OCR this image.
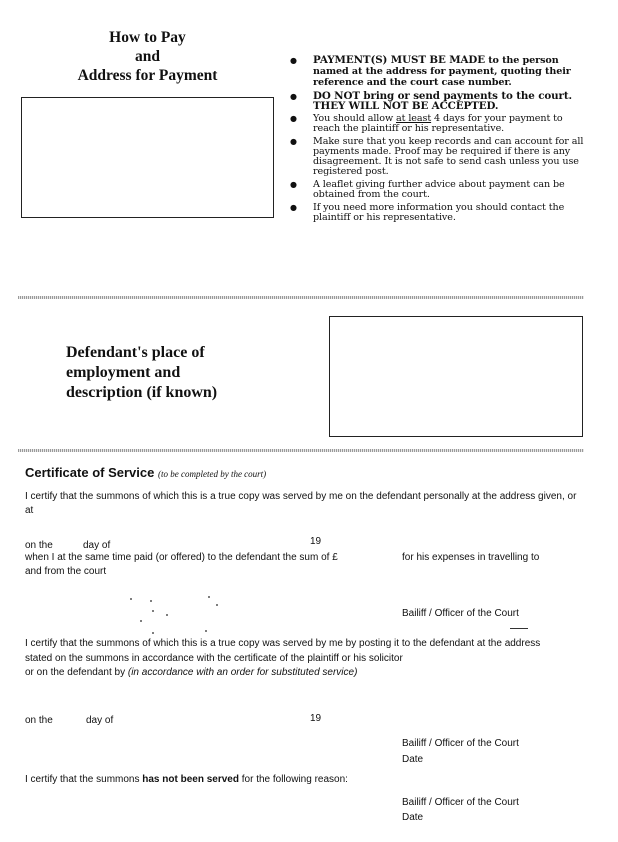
How to Pay
and
Address for Payment
● PAYMENT(S) MUST BE MADE to the person named at the address for payment, quoting their reference and the court case number.
● DO NOT bring or send payments to the court. THEY WILL NOT BE ACCEPTED.
● You should allow at least 4 days for your payment to reach the plaintiff or his representative.
● Make sure that you keep records and can account for all payments made. Proof may be required if there is any disagreement. It is not safe to send cash unless you use registered post.
● A leaflet giving further advice about payment can be obtained from the court.
● If you need more information you should contact the plaintiff or his representative.
Defendant's place of
employment and
description (if known)
Certificate of Service (to be completed by the court)
I certify that the summons of which this is a true copy was served by me on the defendant personally at the address given, or at
on the	day of	19
when I at the same time paid (or offered) to the defendant the sum of £	for his expenses in travelling to
and from the court
Bailiff / Officer of the Court
I certify that the summons of which this is a true copy was served by me by posting it to the defendant at the address
stated on the summons in accordance with the certificate of the plaintiff or his solicitor
or on the defendant by (in accordance with an order for substituted service)
on the	day of	19
Bailiff / Officer of the Court
Date
I certify that the summons has not been served for the following reason:
Bailiff / Officer of the Court
Date
